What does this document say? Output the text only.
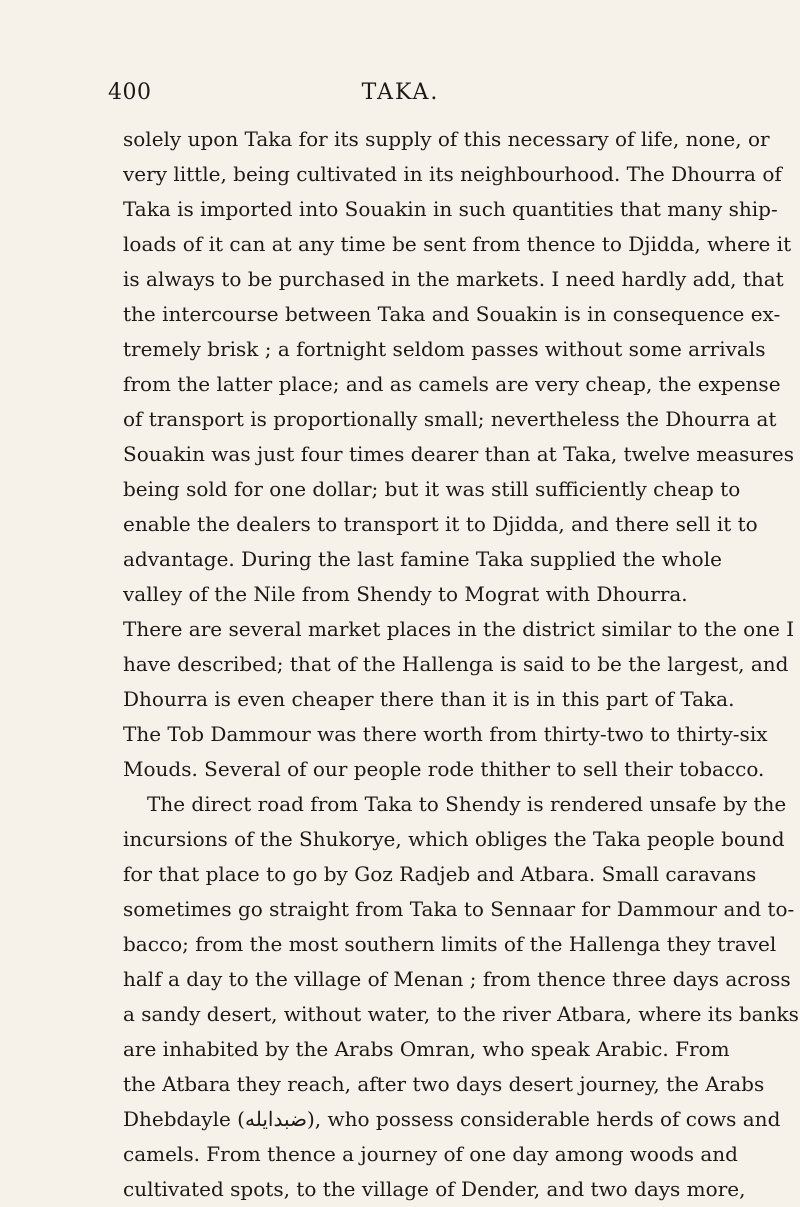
400	TAKA.
solely upon Taka for its supply of this necessary of life, none, or
very little, being cultivated in its neighbourhood. The Dhourra of
Taka is imported into Souakin in such quantities that many ship-
loads of it can at any time be sent from thence to Djidda, where it
is always to be purchased in the markets. I need hardly add, that
the intercourse between Taka and Souakin is in consequence ex-
tremely brisk ; a fortnight seldom passes without some arrivals
from the latter place; and as camels are very cheap, the expense
of transport is proportionally small; nevertheless the Dhourra at
Souakin was just four times dearer than at Taka, twelve measures
being sold for one dollar; but it was still sufficiently cheap to
enable the dealers to transport it to Djidda, and there sell it to
advantage. During the last famine Taka supplied the whole
valley of the Nile from Shendy to Mograt with Dhourra.
There are several market places in the district similar to the one I
have described; that of the Hallenga is said to be the largest, and
Dhourra is even cheaper there than it is in this part of Taka.
The Tob Dammour was there worth from thirty-two to thirty-six
Mouds. Several of our people rode thither to sell their tobacco.
The direct road from Taka to Shendy is rendered unsafe by the
incursions of the Shukorye, which obliges the Taka people bound
for that place to go by Goz Radjeb and Atbara. Small caravans
sometimes go straight from Taka to Sennaar for Dammour and to-
bacco; from the most southern limits of the Hallenga they travel
half a day to the village of Menan ; from thence three days across
a sandy desert, without water, to the river Atbara, where its banks
are inhabited by the Arabs Omran, who speak Arabic. From
the Atbara they reach, after two days desert journey, the Arabs
Dhebdayle (ضبدايله), who possess considerable herds of cows and
camels. From thence a journey of one day among woods and
cultivated spots, to the village of Dender, and two days more,
